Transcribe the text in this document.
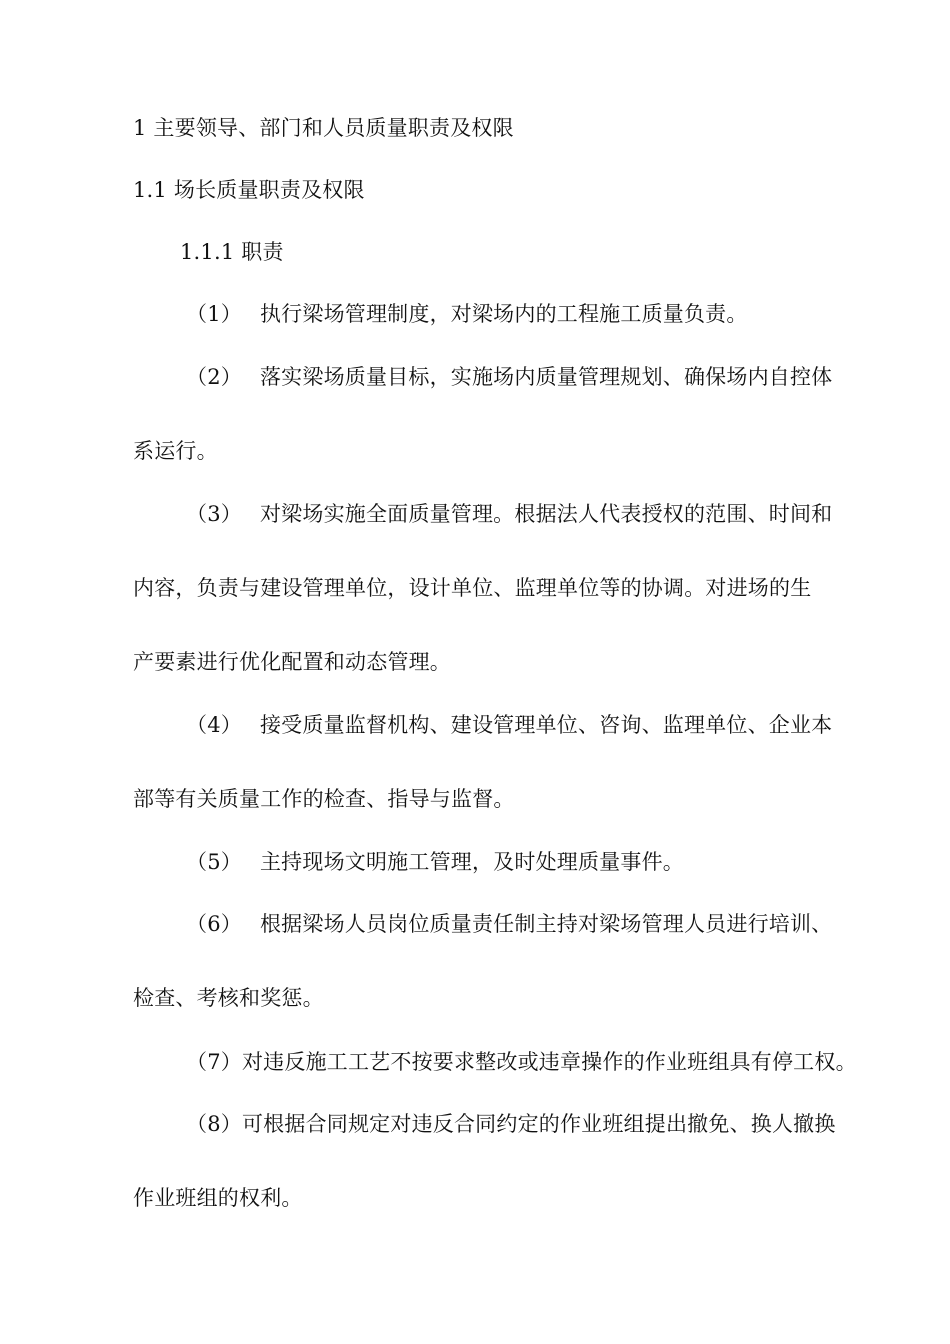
1 主要领导、部门和人员质量职责及权限
1.1 场长质量职责及权限
1.1.1 职责
（1） 执行梁场管理制度，对梁场内的工程施工质量负责。
（2） 落实梁场质量目标，实施场内质量管理规划、确保场内自控体
系运行。
（3） 对梁场实施全面质量管理。根据法人代表授权的范围、时间和
内容，负责与建设管理单位，设计单位、监理单位等的协调。对进场的生
产要素进行优化配置和动态管理。
（4） 接受质量监督机构、建设管理单位、咨询、监理单位、企业本
部等有关质量工作的检查、指导与监督。
（5） 主持现场文明施工管理，及时处理质量事件。
（6） 根据梁场人员岗位质量责任制主持对梁场管理人员进行培训、
检查、考核和奖惩。
（7）对违反施工工艺不按要求整改或违章操作的作业班组具有停工权。
（8）可根据合同规定对违反合同约定的作业班组提出撤免、换人撤换
作业班组的权利。
